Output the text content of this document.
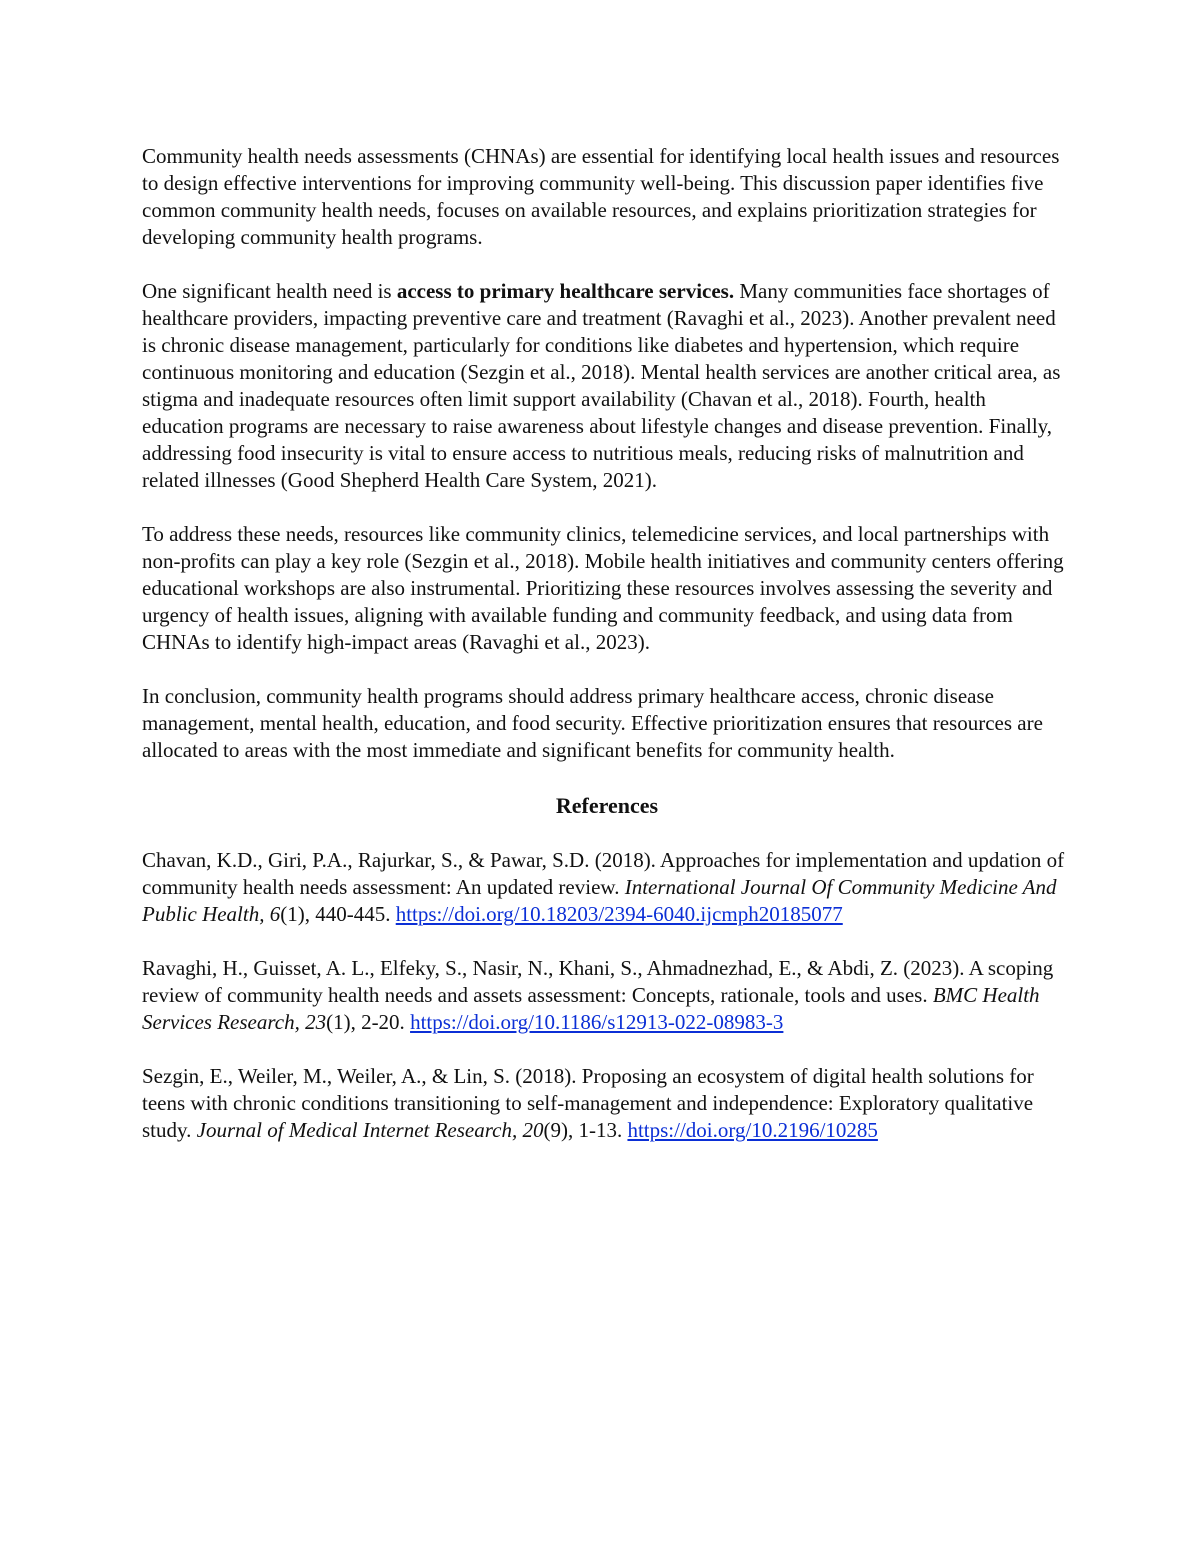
Community health needs assessments (CHNAs) are essential for identifying local health issues and resources to design effective interventions for improving community well-being. This discussion paper identifies five common community health needs, focuses on available resources, and explains prioritization strategies for developing community health programs.

One significant health need is access to primary healthcare services. Many communities face shortages of healthcare providers, impacting preventive care and treatment (Ravaghi et al., 2023). Another prevalent need is chronic disease management, particularly for conditions like diabetes and hypertension, which require continuous monitoring and education (Sezgin et al., 2018). Mental health services are another critical area, as stigma and inadequate resources often limit support availability (Chavan et al., 2018). Fourth, health education programs are necessary to raise awareness about lifestyle changes and disease prevention. Finally, addressing food insecurity is vital to ensure access to nutritious meals, reducing risks of malnutrition and related illnesses (Good Shepherd Health Care System, 2021).

To address these needs, resources like community clinics, telemedicine services, and local partnerships with non-profits can play a key role (Sezgin et al., 2018). Mobile health initiatives and community centers offering educational workshops are also instrumental. Prioritizing these resources involves assessing the severity and urgency of health issues, aligning with available funding and community feedback, and using data from CHNAs to identify high-impact areas (Ravaghi et al., 2023).

In conclusion, community health programs should address primary healthcare access, chronic disease management, mental health, education, and food security. Effective prioritization ensures that resources are allocated to areas with the most immediate and significant benefits for community health.

References
Chavan, K.D., Giri, P.A., Rajurkar, S., & Pawar, S.D. (2018). Approaches for implementation and updation of community health needs assessment: An updated review. International Journal Of Community Medicine And Public Health, 6(1), 440-445. https://doi.org/10.18203/2394-6040.ijcmph20185077
Ravaghi, H., Guisset, A. L., Elfeky, S., Nasir, N., Khani, S., Ahmadnezhad, E., & Abdi, Z. (2023). A scoping review of community health needs and assets assessment: Concepts, rationale, tools and uses. BMC Health Services Research, 23(1), 2-20. https://doi.org/10.1186/s12913-022-08983-3
Sezgin, E., Weiler, M., Weiler, A., & Lin, S. (2018). Proposing an ecosystem of digital health solutions for teens with chronic conditions transitioning to self-management and independence: Exploratory qualitative study. Journal of Medical Internet Research, 20(9), 1-13. https://doi.org/10.2196/10285
